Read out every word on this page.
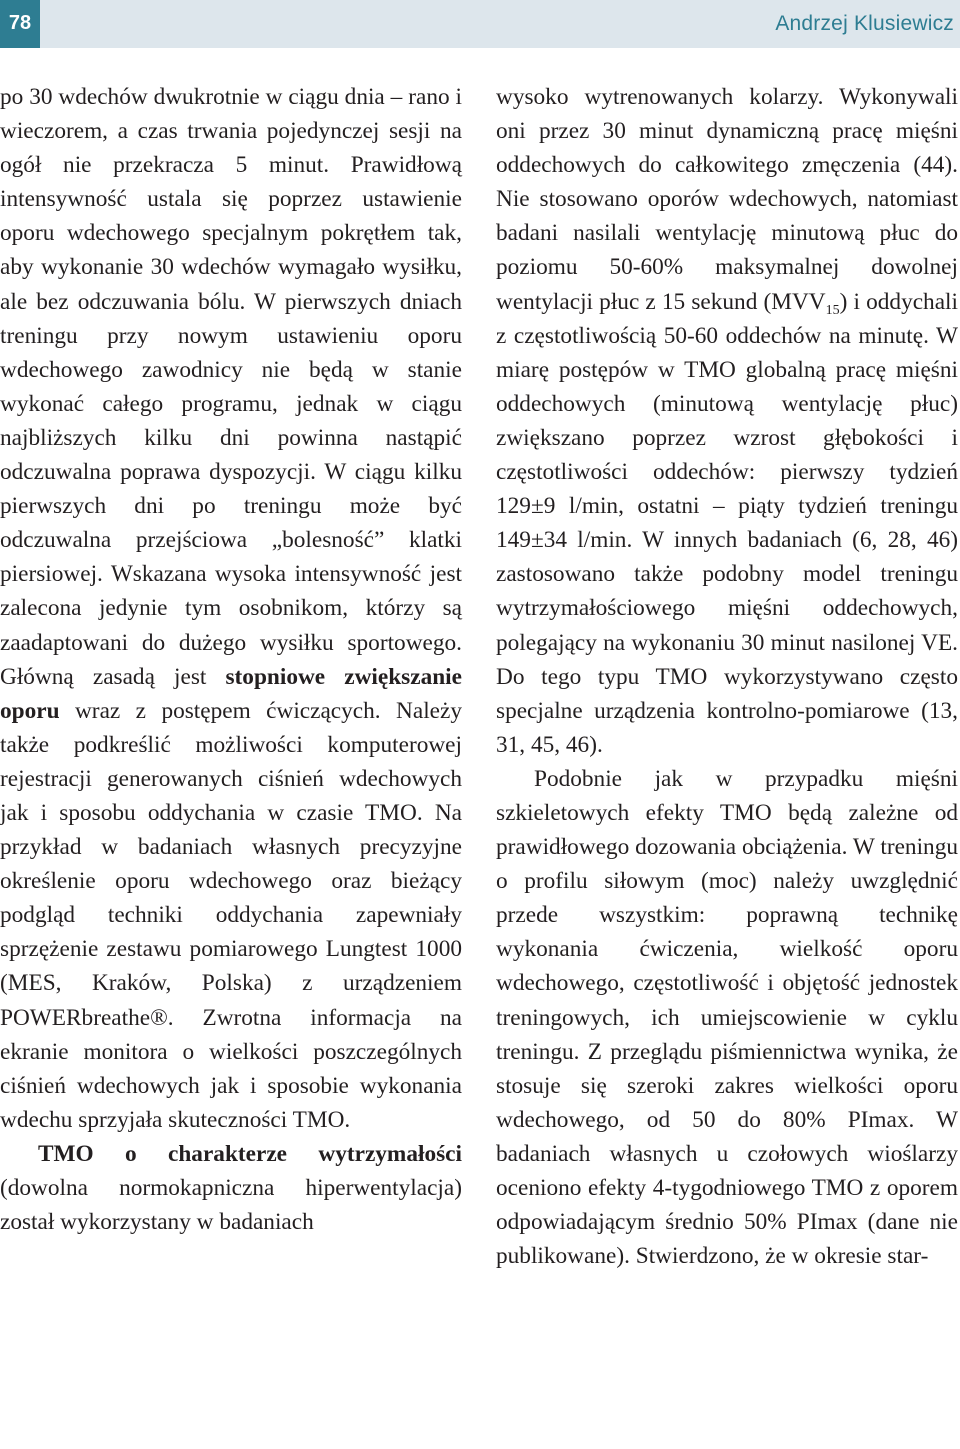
78	Andrzej Klusiewicz

po 30 wdechów dwukrotnie w ciągu dnia – rano i wieczorem, a czas trwania pojedynczej sesji na ogół nie przekracza 5 minut. Prawidłową intensywność ustala się poprzez ustawienie oporu wdechowego specjalnym pokrętłem tak, aby wykonanie 30 wdechów wymagało wysiłku, ale bez odczuwania bólu. W pierwszych dniach treningu przy nowym ustawieniu oporu wdechowego zawodnicy nie będą w stanie wykonać całego programu, jednak w ciągu najbliższych kilku dni powinna nastąpić odczuwalna poprawa dyspozycji. W ciągu kilku pierwszych dni po treningu może być odczuwalna przejściowa „bolesność” klatki piersiowej. Wskazana wysoka intensywność jest zalecona jedynie tym osobnikom, którzy są zaadaptowani do dużego wysiłku sportowego. Główną zasadą jest stopniowe zwiększanie oporu wraz z postępem ćwiczących. Należy także podkreślić możliwości komputerowej rejestracji generowanych ciśnień wdechowych jak i sposobu oddychania w czasie TMO. Na przykład w badaniach własnych precyzyjne określenie oporu wdechowego oraz bieżący podgląd techniki oddychania zapewniały sprzężenie zestawu pomiarowego Lungtest 1000 (MES, Kraków, Polska) z urządzeniem POWERbreathe®. Zwrotna informacja na ekranie monitora o wielkości poszczególnych ciśnień wdechowych jak i sposobie wykonania wdechu sprzyjała skuteczności TMO.

TMO o charakterze wytrzymałości (dowolna normokapniczna hiperwentylacja) został wykorzystany w badaniach

wysoko wytrenowanych kolarzy. Wykonywali oni przez 30 minut dynamiczną pracę mięśni oddechowych do całkowitego zmęczenia (44). Nie stosowano oporów wdechowych, natomiast badani nasilali wentylację minutową płuc do poziomu 50-60% maksymalnej dowolnej wentylacji płuc z 15 sekund $(MVV_{15})$ i oddychali z częstotliwością 50-60 oddechów na minutę. W miarę postępów w TMO globalną pracę mięśni oddechowych (minutową wentylację płuc) zwiększano poprzez wzrost głębokości i częstotliwości oddechów: pierwszy tydzień 129±9 l/min, ostatni – piąty tydzień treningu 149±34 l/min. W innych badaniach (6, 28, 46) zastosowano także podobny model treningu wytrzymałościowego mięśni oddechowych, polegający na wykonaniu 30 minut nasilonej VE. Do tego typu TMO wykorzystywano często specjalne urządzenia kontrolno-pomiarowe (13, 31, 45, 46).

Podobnie jak w przypadku mięśni szkieletowych efekty TMO będą zależne od prawidłowego dozowania obciążenia. W treningu o profilu siłowym (moc) należy uwzględnić przede wszystkim: poprawną technikę wykonania ćwiczenia, wielkość oporu wdechowego, częstotliwość i objętość jednostek treningowych, ich umiejscowienie w cyklu treningu. Z przeglądu piśmiennictwa wynika, że stosuje się szeroki zakres wielkości oporu wdechowego, od 50 do 80% PImax. W badaniach własnych u czołowych wioślarzy oceniono efekty 4-tygodniowego TMO z oporem odpowiadającym średnio 50% PImax (dane nie publikowane). Stwierdzono, że w okresie star-
